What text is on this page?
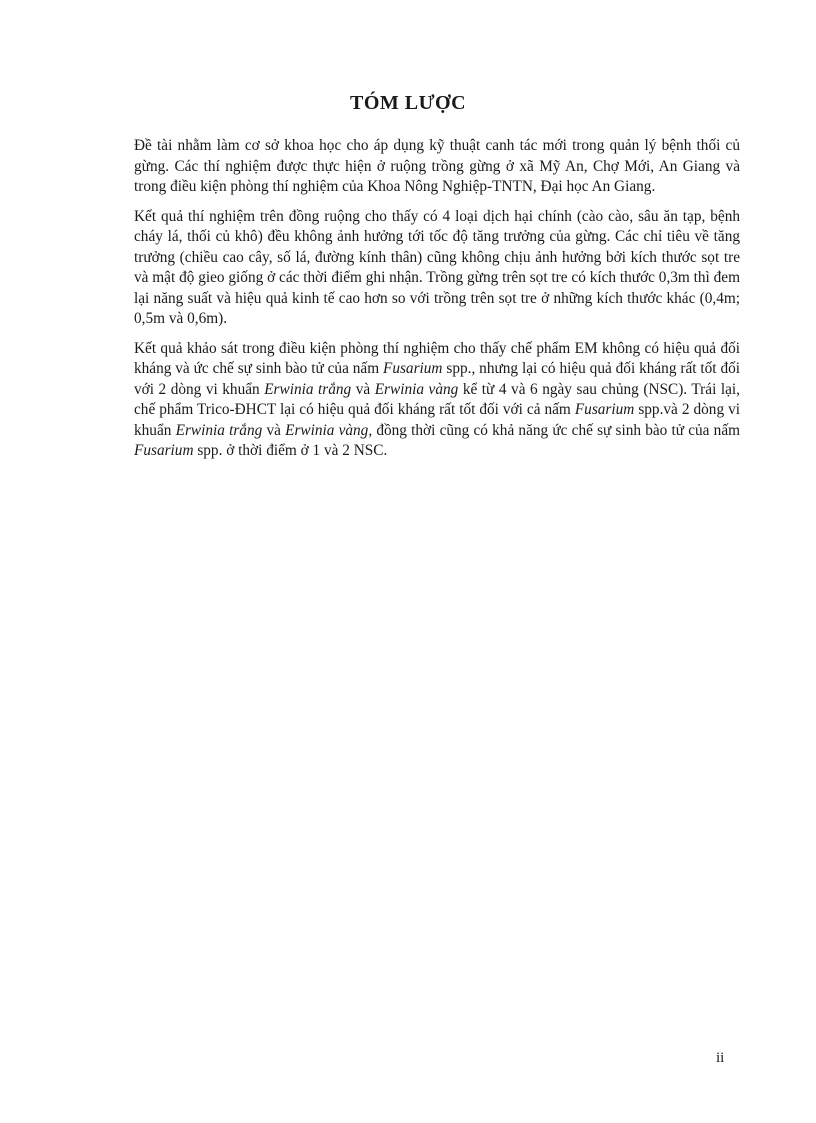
TÓM LƯỢC

Đề tài nhằm làm cơ sở khoa học cho áp dụng kỹ thuật canh tác mới trong quản lý bệnh thối củ gừng. Các thí nghiệm được thực hiện ở ruộng trồng gừng ở xã Mỹ An, Chợ Mới, An Giang và trong điều kiện phòng thí nghiệm của Khoa Nông Nghiệp-TNTN, Đại học An Giang.

Kết quả thí nghiệm trên đồng ruộng cho thấy có 4 loại dịch hại chính (cào cào, sâu ăn tạp, bệnh cháy lá, thối củ khô) đều không ảnh hưởng tới tốc độ tăng trưởng của gừng. Các chỉ tiêu về tăng trưởng (chiều cao cây, số lá, đường kính thân) cũng không chịu ảnh hưởng bởi kích thước sọt tre và mật độ gieo giống ở các thời điểm ghi nhận. Trồng gừng trên sọt tre có kích thước 0,3m thì đem lại năng suất và hiệu quả kinh tế cao hơn so với trồng trên sọt tre ở những kích thước khác (0,4m; 0,5m và 0,6m).

Kết quả khảo sát trong điều kiện phòng thí nghiệm cho thấy chế phẩm EM không có hiệu quả đối kháng và ức chế sự sinh bào tử của nấm Fusarium spp., nhưng lại có hiệu quả đối kháng rất tốt đối với 2 dòng vi khuẩn Erwinia trắng và Erwinia vàng kể từ 4 và 6 ngày sau chủng (NSC). Trái lại, chế phẩm Trico-ĐHCT lại có hiệu quả đối kháng rất tốt đối với cả nấm Fusarium spp.và 2 dòng vi khuẩn Erwinia trắng và Erwinia vàng, đồng thời cũng có khả năng ức chế sự sinh bào tử của nấm Fusarium spp. ở thời điểm ở 1 và 2 NSC.

ii
